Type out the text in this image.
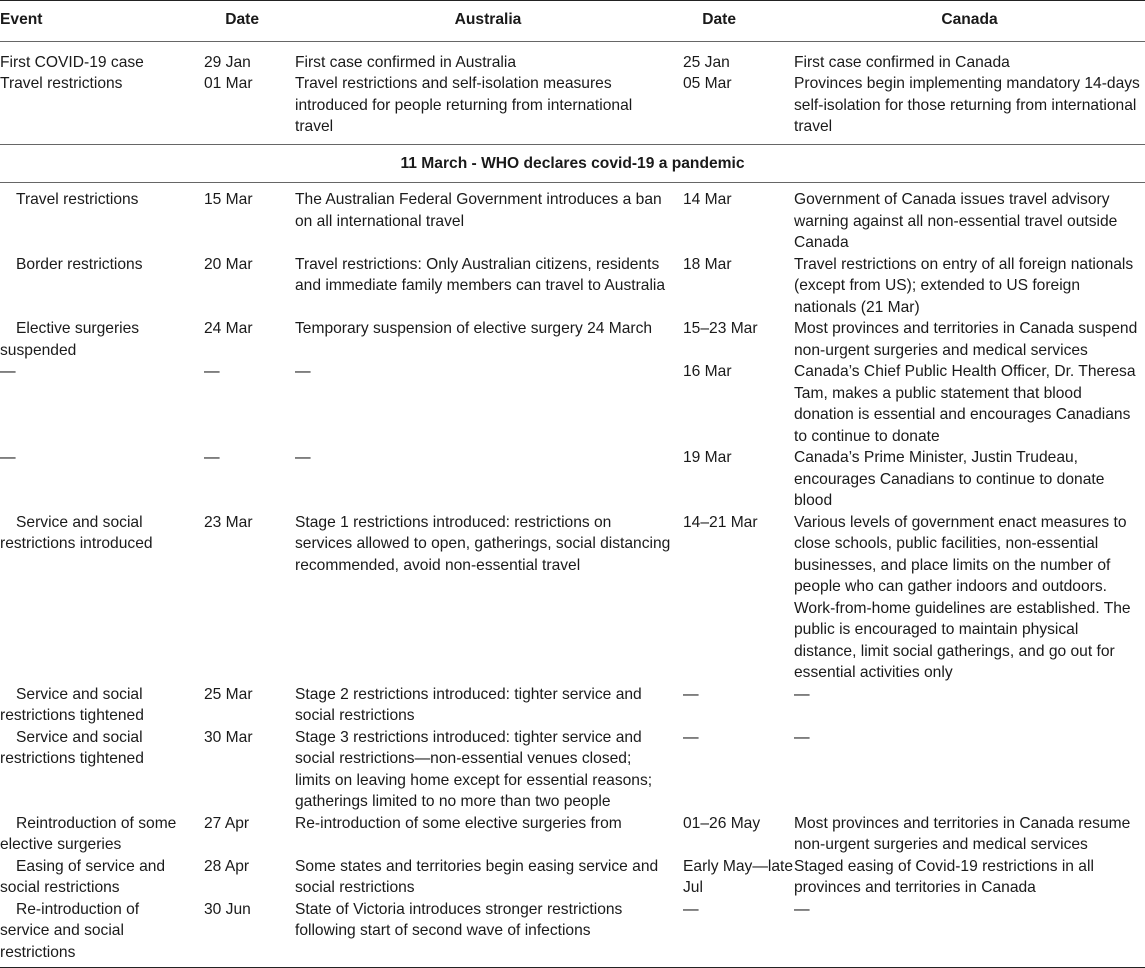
Event	Date	Australia	Date	Canada
First COVID-19 case	29 Jan	First case confirmed in Australia	25 Jan	First case confirmed in Canada
Travel restrictions	01 Mar	Travel restrictions and self-isolation measures introduced for people returning from international travel	05 Mar	Provinces begin implementing mandatory 14-days self-isolation for those returning from international travel
11 March - WHO declares covid-19 a pandemic				
Travel restrictions	15 Mar	The Australian Federal Government introduces a ban on all international travel	14 Mar	Government of Canada issues travel advisory warning against all non-essential travel outside Canada
Border restrictions	20 Mar	Travel restrictions: Only Australian citizens, residents and immediate family members can travel to Australia	18 Mar	Travel restrictions on entry of all foreign nationals (except from US); extended to US foreign nationals (21 Mar)
Elective surgeries suspended	24 Mar	Temporary suspension of elective surgery 24 March	15–23 Mar	Most provinces and territories in Canada suspend non-urgent surgeries and medical services
—	—	—	16 Mar	Canada’s Chief Public Health Officer, Dr. Theresa Tam, makes a public statement that blood donation is essential and encourages Canadians to continue to donate
—	—	—	19 Mar	Canada’s Prime Minister, Justin Trudeau, encourages Canadians to continue to donate blood
Service and social restrictions introduced	23 Mar	Stage 1 restrictions introduced: restrictions on services allowed to open, gatherings, social distancing recommended, avoid non-essential travel	14–21 Mar	Various levels of government enact measures to close schools, public facilities, non-essential businesses, and place limits on the number of people who can gather indoors and outdoors. Work-from-home guidelines are established. The public is encouraged to maintain physical distance, limit social gatherings, and go out for essential activities only
Service and social restrictions tightened	25 Mar	Stage 2 restrictions introduced: tighter service and social restrictions	—	—
Service and social restrictions tightened	30 Mar	Stage 3 restrictions introduced: tighter service and social restrictions—non-essential venues closed; limits on leaving home except for essential reasons; gatherings limited to no more than two people	—	—
Reintroduction of some elective surgeries	27 Apr	Re-introduction of some elective surgeries from	01–26 May	Most provinces and territories in Canada resume non-urgent surgeries and medical services
Easing of service and social restrictions	28 Apr	Some states and territories begin easing service and social restrictions	Early May—late Jul	Staged easing of Covid-19 restrictions in all provinces and territories in Canada
Re-introduction of service and social restrictions	30 Jun	State of Victoria introduces stronger restrictions following start of second wave of infections	—	—
